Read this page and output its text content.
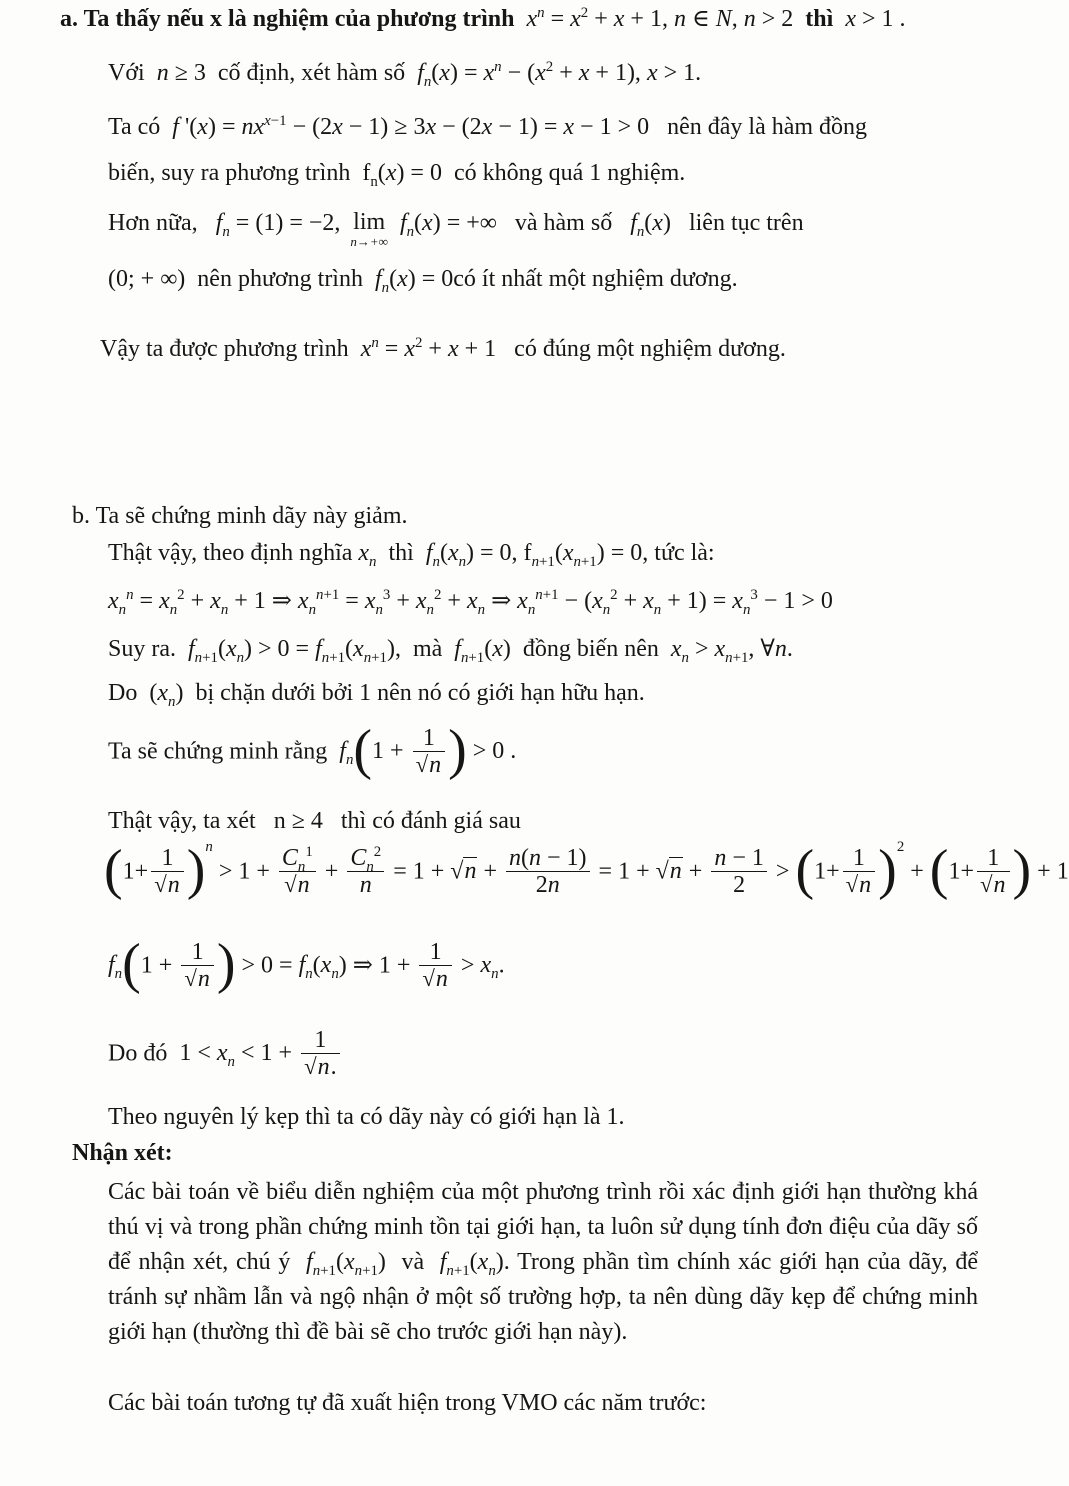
a. Ta thấy nếu x là nghiệm của phương trình $x^n = x^2 + x + 1$, n ∈ N, n > 2  thì x > 1 .
Với n ≥ 3  cố định, xét hàm số $f_n(x) = x^n - (x^2 + x + 1)$, x > 1.
Ta có f '$(x) = nx^{x-1} - (2x - 1) \ge 3x - (2x - 1) = x - 1 > 0$   nên đây là hàm đồng
biến, suy ra phương trình  $f_n(x) = 0$  có không quá 1 nghiệm.
Hơn nữa, $f_n = (1) = -2$, lim
n→+∞
$f_n(x)$ = +∞   và hàm số $f_n(x)$   liên tục trên
(0; + ∞)  nên phương trình $f_n(x)$ = 0có ít nhất một nghiệm dương.
Vậy ta được phương trình $x^n = x^2 + x + 1$   có đúng một nghiệm dương.
b. Ta sẽ chứng minh dãy này giảm.
Thật vậy, theo định nghĩa $x_n$ thì $f_n(x_n) = 0$, $f_{n+1}(x_{n+1}) = 0$, tức là:
$x_n^n = x_n^2 + x_n + 1$ ⇒ $x_n^{n+1} = x_n^3 + x_n^2 + x_n$ ⇒ $x_n^{n+1} - (x_n^2 + x_n + 1) = x_n^3 - 1 > 0$
Suy ra. $f_{n+1}(x_n) > 0 = f_{n+1}(x_{n+1})$,  mà $f_{n+1}(x)$  đồng biến nên $x_n > x_{n+1}$, ∀n.
Do  $(x_n)$  bị chặn dưới bởi 1 nên nó có giới hạn hữu hạn.
Ta sẽ chứng minh rằng $f_n(1 + \frac{1}{√n}$ ) > 0 .
Thật vậy, ta xét   n ≥ 4   thì có đánh giá sau
$(1+ \frac{1}{√n} )^n > 1 + \frac{C_n^1}{√n} + \frac{C_n^2}{n} = 1 + √n + \frac{n(n - 1)}{2n} = 1 + √n + \frac{n - 1}{2} > (1+ \frac{1}{√n} )^2 + (1+ \frac{1}{√n}$ ) + 1
$f_n(1 + \frac{1}{√n}$ ) > $0 = f_n(x_n)$ ⇒ $1 + \frac{1}{√n} > x_n$.
Do đó  $1 < x_n < 1 + \frac{1}{√n.}$
Theo nguyên lý kẹp thì ta có dãy này có giới hạn là 1.
Nhận xét:
Các bài toán về biểu diễn nghiệm của một phương trình rồi xác định giới hạn thường khá thú vị và trong phần chứng minh tồn tại giới hạn, ta luôn sử dụng tính đơn điệu của dãy số để nhận xét, chú ý $f_{n+1}(x_{n+1})$  và $f_{n+1}(x_n)$. Trong phần tìm chính xác giới hạn của dãy, để tránh sự nhầm lẫn và ngộ nhận ở một số trường hợp, ta nên dùng dãy kẹp để chứng minh giới hạn (thường thì đề bài sẽ cho trước giới hạn này).
Các bài toán tương tự đã xuất hiện trong VMO các năm trước:
